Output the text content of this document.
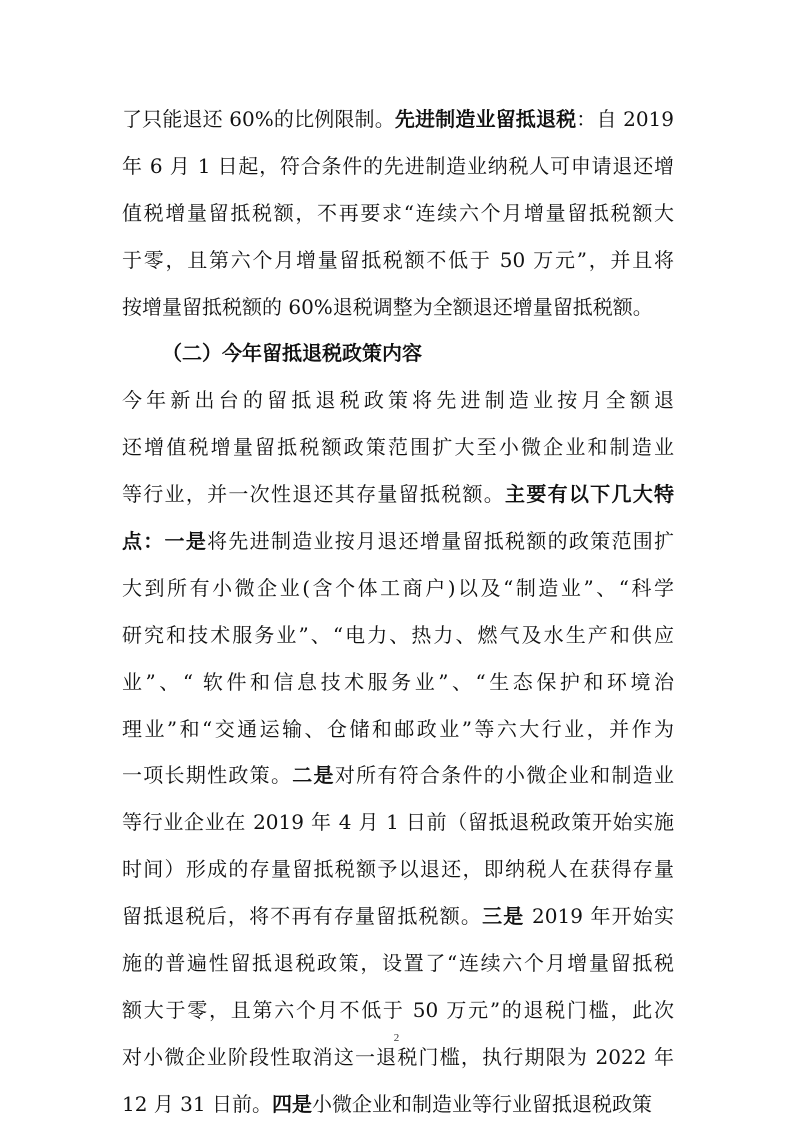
了只能退还 60%的比例限制。先进制造业留抵退税：自 2019
年 6 月 1 日起，符合条件的先进制造业纳税人可申请退还增
值税增量留抵税额，不再要求“连续六个月增量留抵税额大
于零，且第六个月增量留抵税额不低于 50 万元”，并且将
按增量留抵税额的 60%退税调整为全额退还增量留抵税额。
（二）今年留抵退税政策内容
今年新出台的留抵退税政策将先进制造业按月全额退
还增值税增量留抵税额政策范围扩大至小微企业和制造业
等行业，并一次性退还其存量留抵税额。主要有以下几大特
点：一是将先进制造业按月退还增量留抵税额的政策范围扩
大到所有小微企业(含个体工商户)以及“制造业”、“科学
研究和技术服务业”、“电力、热力、燃气及水生产和供应
业”、“ 软件和信息技术服务业”、“生态保护和环境治
理业”和“交通运输、仓储和邮政业”等六大行业，并作为
一项长期性政策。二是对所有符合条件的小微企业和制造业
等行业企业在 2019 年 4 月 1 日前（留抵退税政策开始实施
时间）形成的存量留抵税额予以退还，即纳税人在获得存量
留抵退税后，将不再有存量留抵税额。三是 2019 年开始实
施的普遍性留抵退税政策，设置了“连续六个月增量留抵税
额大于零，且第六个月不低于 50 万元”的退税门槛，此次
对小微企业阶段性取消这一退税门槛，执行期限为 2022 年
12 月 31 日前。四是小微企业和制造业等行业留抵退税政策
2
